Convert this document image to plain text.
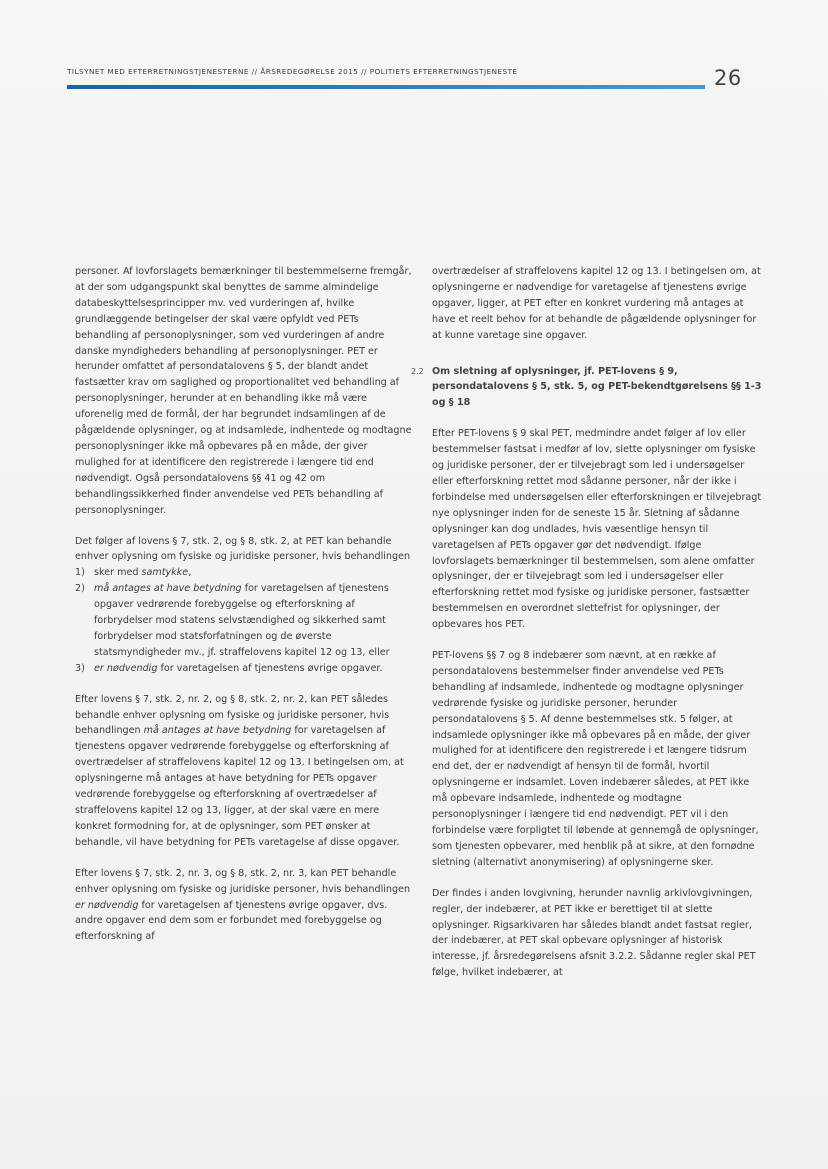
TILSYNET MED EFTERRETNINGSTJENESTERNE // ÅRSREDEGØRELSE 2015 // POLITIETS EFTERRETNINGSTJENESTE	26

personer. Af lovforslagets bemærkninger til bestemmelserne fremgår, at der som udgangspunkt skal benyttes de samme almindelige databeskyttelsesprincipper mv. ved vurderingen af, hvilke grundlæggende betingelser der skal være opfyldt ved PETs behandling af personoplysninger, som ved vurderingen af andre danske myndigheders behandling af personoplysninger. PET er herunder omfattet af persondatalovens § 5, der blandt andet fastsætter krav om saglighed og proportionalitet ved behandling af personoplysninger, herunder at en behandling ikke må være uforenelig med de formål, der har begrundet indsamlingen af de pågældende oplysninger, og at indsamlede, indhentede og modtagne personoplysninger ikke må opbevares på en måde, der giver mulighed for at identificere den registrerede i længere tid end nødvendigt. Også persondatalovens §§ 41 og 42 om behandlingssikkerhed finder anvendelse ved PETs behandling af personoplysninger.

Det følger af lovens § 7, stk. 2, og § 8, stk. 2, at PET kan behandle enhver oplysning om fysiske og juridiske personer, hvis behandlingen

1) sker med samtykke,
2) må antages at have betydning for varetagelsen af tjenestens opgaver vedrørende forebyggelse og efterforskning af forbrydelser mod statens selvstændighed og sikkerhed samt forbrydelser mod statsforfatningen og de øverste statsmyndigheder mv., jf. straffelovens kapitel 12 og 13, eller
3) er nødvendig for varetagelsen af tjenestens øvrige opgaver.

Efter lovens § 7, stk. 2, nr. 2, og § 8, stk. 2, nr. 2, kan PET således behandle enhver oplysning om fysiske og juridiske personer, hvis behandlingen må antages at have betydning for varetagelsen af tjenestens opgaver vedrørende forebyggelse og efterforskning af overtrædelser af straffelovens kapitel 12 og 13. I betingelsen om, at oplysningerne må antages at have betydning for PETs opgaver vedrørende forebyggelse og efterforskning af overtrædelser af straffelovens kapitel 12 og 13, ligger, at der skal være en mere konkret formodning for, at de oplysninger, som PET ønsker at behandle, vil have betydning for PETs varetagelse af disse opgaver.

Efter lovens § 7, stk. 2, nr. 3, og § 8, stk. 2, nr. 3, kan PET behandle enhver oplysning om fysiske og juridiske personer, hvis behandlingen er nødvendig for varetagelsen af tjenestens øvrige opgaver, dvs. andre opgaver end dem som er forbundet med forebyggelse og efterforskning af

overtrædelser af straffelovens kapitel 12 og 13. I betingelsen om, at oplysningerne er nødvendige for varetagelse af tjenestens øvrige opgaver, ligger, at PET efter en konkret vurdering må antages at have et reelt behov for at behandle de pågældende oplysninger for at kunne varetage sine opgaver.

2.2 Om sletning af oplysninger, jf. PET-lovens § 9, persondatalovens § 5, stk. 5, og PET-bekendtgørelsens §§ 1-3 og § 18

Efter PET-lovens § 9 skal PET, medmindre andet følger af lov eller bestemmelser fastsat i medfør af lov, slette oplysninger om fysiske og juridiske personer, der er tilvejebragt som led i undersøgelser eller efterforskning rettet mod sådanne personer, når der ikke i forbindelse med undersøgelsen eller efterforskningen er tilvejebragt nye oplysninger inden for de seneste 15 år. Sletning af sådanne oplysninger kan dog undlades, hvis væsentlige hensyn til varetagelsen af PETs opgaver gør det nødvendigt. Ifølge lovforslagets bemærkninger til bestemmelsen, som alene omfatter oplysninger, der er tilvejebragt som led i undersøgelser eller efterforskning rettet mod fysiske og juridiske personer, fastsætter bestemmelsen en overordnet slettefrist for oplysninger, der opbevares hos PET.

PET-lovens §§ 7 og 8 indebærer som nævnt, at en række af persondatalovens bestemmelser finder anvendelse ved PETs behandling af indsamlede, indhentede og modtagne oplysninger vedrørende fysiske og juridiske personer, herunder persondatalovens § 5. Af denne bestemmelses stk. 5 følger, at indsamlede oplysninger ikke må opbevares på en måde, der giver mulighed for at identificere den registrerede i et længere tidsrum end det, der er nødvendigt af hensyn til de formål, hvortil oplysningerne er indsamlet. Loven indebærer således, at PET ikke må opbevare indsamlede, indhentede og modtagne personoplysninger i længere tid end nødvendigt. PET vil i den forbindelse være forpligtet til løbende at gennemgå de oplysninger, som tjenesten opbevarer, med henblik på at sikre, at den fornødne sletning (alternativt anonymisering) af oplysningerne sker.

Der findes i anden lovgivning, herunder navnlig arkivlovgivningen, regler, der indebærer, at PET ikke er berettiget til at slette oplysninger. Rigsarkivaren har således blandt andet fastsat regler, der indebærer, at PET skal opbevare oplysninger af historisk interesse, jf. årsredegørelsens afsnit 3.2.2. Sådanne regler skal PET følge, hvilket indebærer, at
